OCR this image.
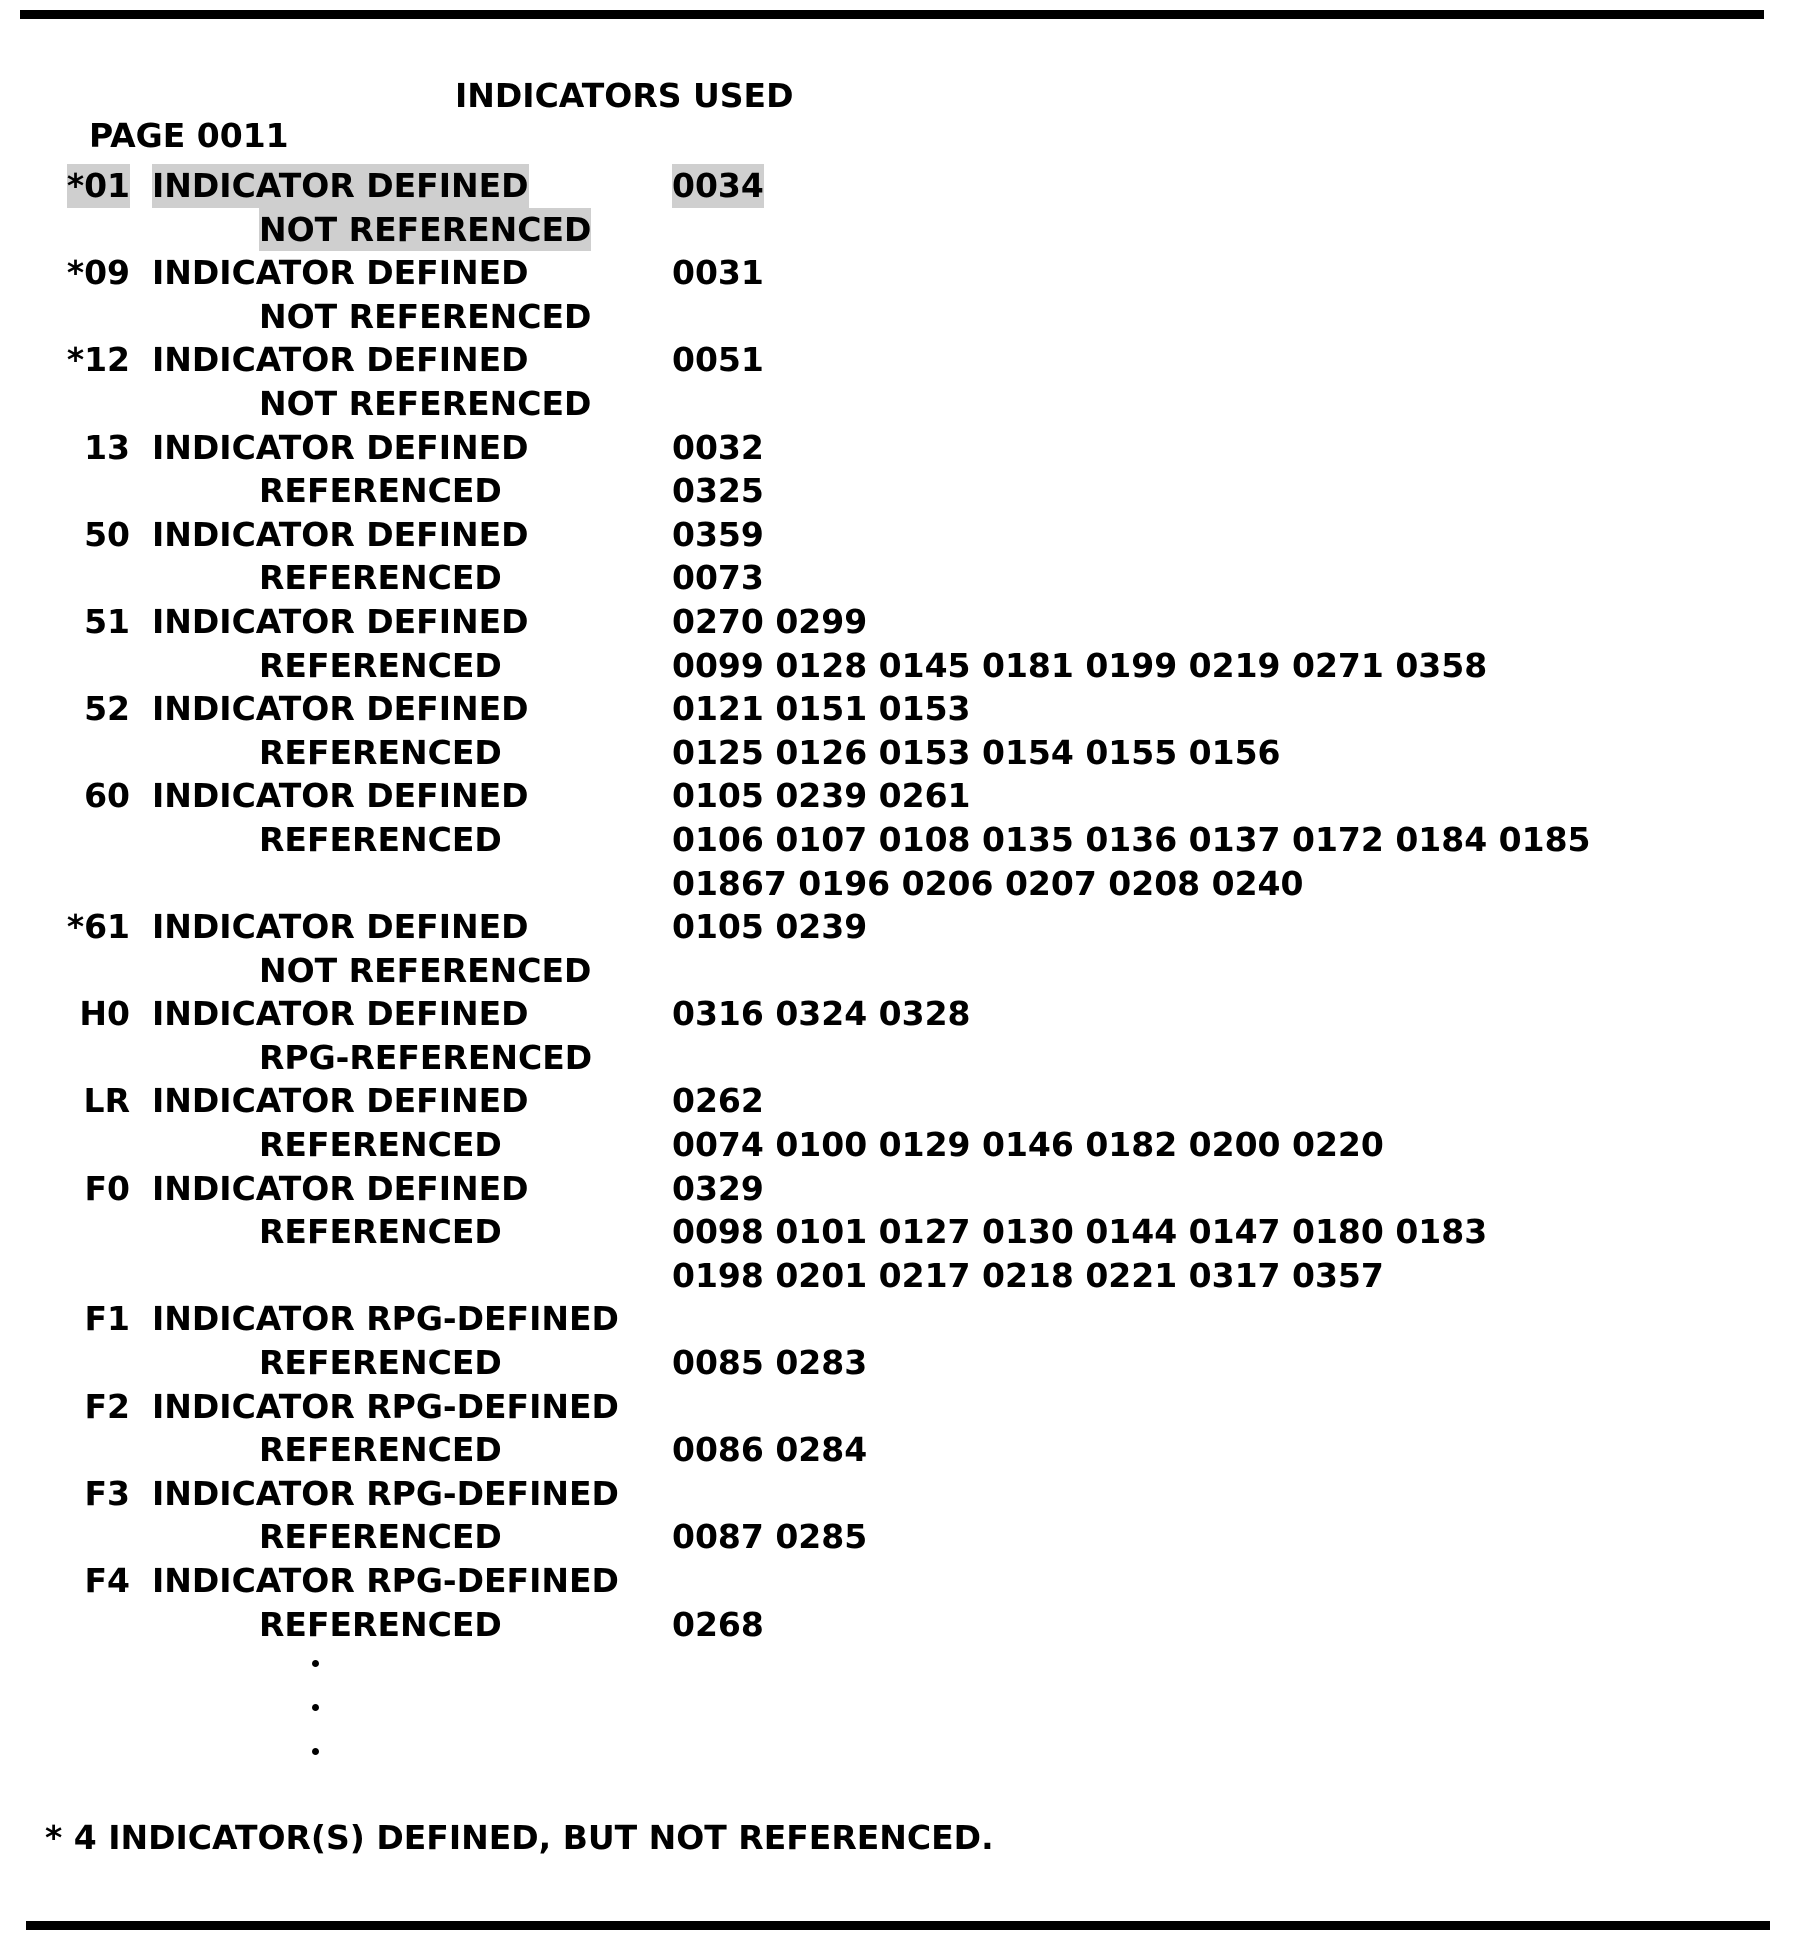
PAGE 0011

INDICATORS USED

*01 INDICATOR DEFINED	0034
NOT REFERENCED
*09 INDICATOR DEFINED	0031
NOT REFERENCED
*12 INDICATOR DEFINED	0051
NOT REFERENCED
13 INDICATOR DEFINED	0032
REFERENCED	0325
50 INDICATOR DEFINED	0359
REFERENCED	0073
51 INDICATOR DEFINED	0270 0299
REFERENCED	0099 0128 0145 0181 0199 0219 0271 0358
52 INDICATOR DEFINED	0121 0151 0153
REFERENCED	0125 0126 0153 0154 0155 0156
60 INDICATOR DEFINED	0105 0239 0261
REFERENCED	0106 0107 0108 0135 0136 0137 0172 0184 0185
01867 0196 0206 0207 0208 0240
*61 INDICATOR DEFINED	0105 0239
NOT REFERENCED
H0 INDICATOR DEFINED	0316 0324 0328
RPG-REFERENCED
LR INDICATOR DEFINED	0262
REFERENCED	0074 0100 0129 0146 0182 0200 0220
F0 INDICATOR DEFINED	0329
REFERENCED	0098 0101 0127 0130 0144 0147 0180 0183
0198 0201 0217 0218 0221 0317 0357
F1 INDICATOR RPG-DEFINED
REFERENCED	0085 0283
F2 INDICATOR RPG-DEFINED
REFERENCED	0086 0284
F3 INDICATOR RPG-DEFINED
REFERENCED	0087 0285
F4 INDICATOR RPG-DEFINED
REFERENCED	0268
* 4 INDICATOR(S) DEFINED, BUT NOT REFERENCED.
